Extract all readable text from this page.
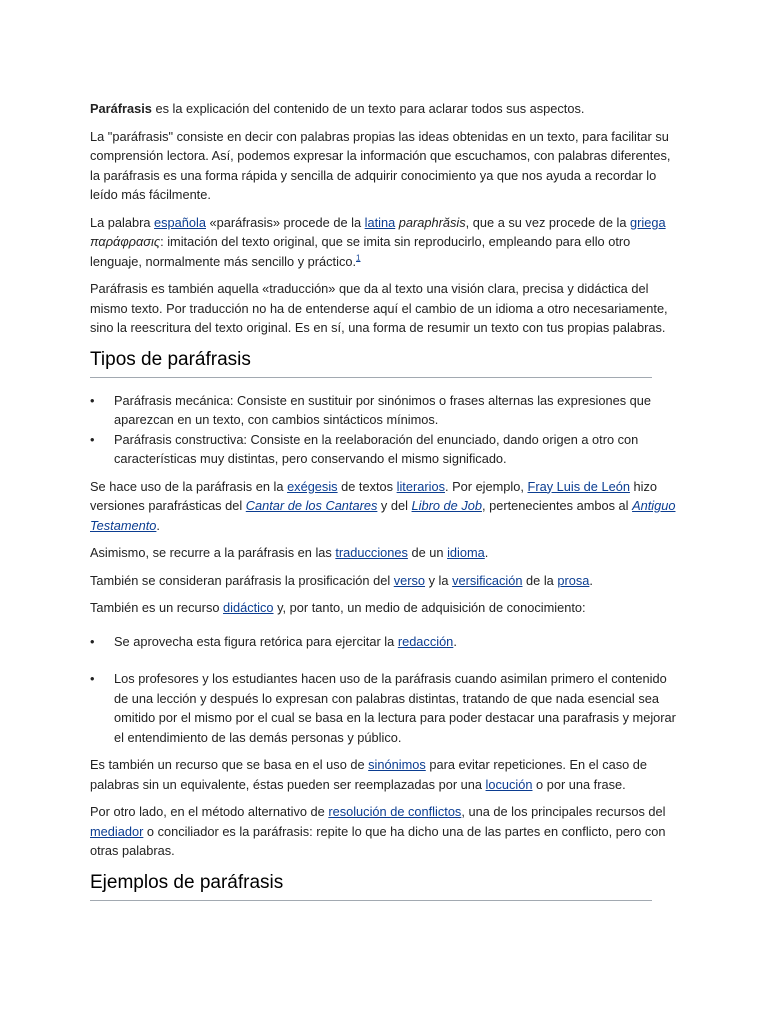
Paráfrasis es la explicación del contenido de un texto para aclarar todos sus aspectos.

La "paráfrasis" consiste en decir con palabras propias las ideas obtenidas en un texto, para facilitar su comprensión lectora. Así, podemos expresar la información que escuchamos, con palabras diferentes, la paráfrasis es una forma rápida y sencilla de adquirir conocimiento ya que nos ayuda a recordar lo leído más fácilmente.

La palabra española «paráfrasis» procede de la latina paraphrăsis, que a su vez procede de la griega παράφρασις: imitación del texto original, que se imita sin reproducirlo, empleando para ello otro lenguaje, normalmente más sencillo y práctico.$^1$

Paráfrasis es también aquella «traducción» que da al texto una visión clara, precisa y didáctica del mismo texto. Por traducción no ha de entenderse aquí el cambio de un idioma a otro necesariamente, sino la reescritura del texto original. Es en sí, una forma de resumir un texto con tus propias palabras.

Tipos de paráfrasis
• Paráfrasis mecánica: Consiste en sustituir por sinónimos o frases alternas las expresiones que aparezcan en un texto, con cambios sintácticos mínimos.
• Paráfrasis constructiva: Consiste en la reelaboración del enunciado, dando origen a otro con características muy distintas, pero conservando el mismo significado.

Se hace uso de la paráfrasis en la exégesis de textos literarios. Por ejemplo, Fray Luis de León hizo versiones parafrásticas del Cantar de los Cantares y del Libro de Job, pertenecientes ambos al Antiguo Testamento.

Asimismo, se recurre a la paráfrasis en las traducciones de un idioma.

También se consideran paráfrasis la prosificación del verso y la versificación de la prosa.

También es un recurso didáctico y, por tanto, un medio de adquisición de conocimiento:

• Se aprovecha esta figura retórica para ejercitar la redacción.
• Los profesores y los estudiantes hacen uso de la paráfrasis cuando asimilan primero el contenido de una lección y después lo expresan con palabras distintas, tratando de que nada esencial sea omitido por el mismo por el cual se basa en la lectura para poder destacar una parafrasis y mejorar el entendimiento de las demás personas y público.

Es también un recurso que se basa en el uso de sinónimos para evitar repeticiones. En el caso de palabras sin un equivalente, éstas pueden ser reemplazadas por una locución o por una frase.

Por otro lado, en el método alternativo de resolución de conflictos, una de los principales recursos del mediador o conciliador es la paráfrasis: repite lo que ha dicho una de las partes en conflicto, pero con otras palabras.

Ejemplos de paráfrasis
